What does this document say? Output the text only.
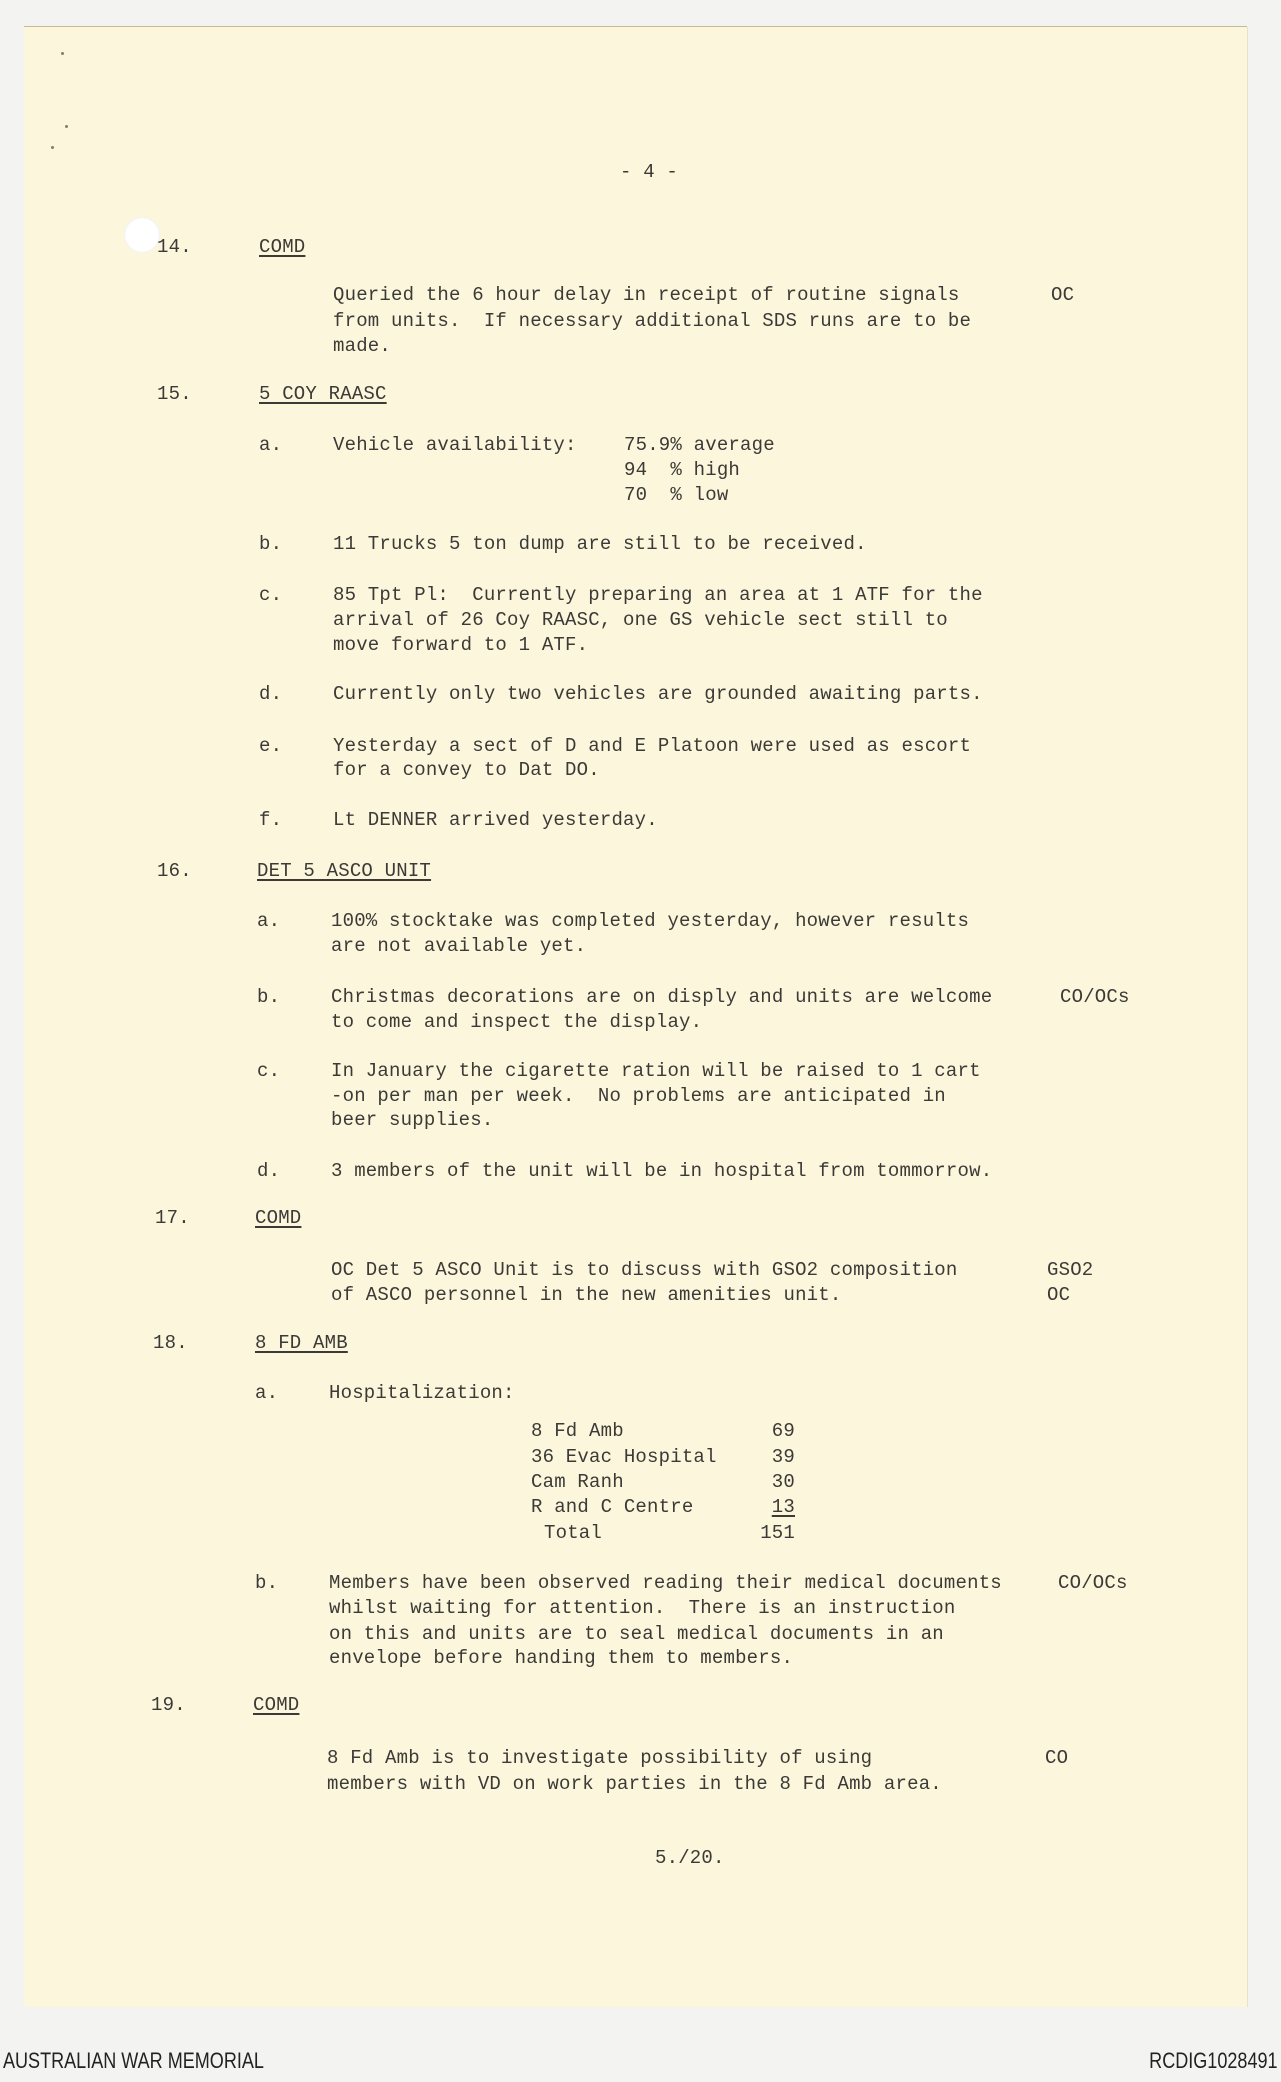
- 4 -
14.	COMD
Queried the 6 hour delay in receipt of routine signals
from units.  If necessary additional SDS runs are to be
made.
OC
15.	5 COY RAASC
a.	Vehicle availability: 75.9% average
94  % high
70  % low
b.	11 Trucks 5 ton dump are still to be received.
c.	85 Tpt Pl:  Currently preparing an area at 1 ATF for the
arrival of 26 Coy RAASC, one GS vehicle sect still to
move forward to 1 ATF.
d.	Currently only two vehicles are grounded awaiting parts.
e.	Yesterday a sect of D and E Platoon were used as escort
for a convey to Dat DO.
f.	Lt DENNER arrived yesterday.
16.	DET 5 ASCO UNIT
a.	100% stocktake was completed yesterday, however results
are not available yet.
b.	Christmas decorations are on disply and units are welcome
to come and inspect the display.
CO/OCs
c.	In January the cigarette ration will be raised to 1 cart
-on per man per week.  No problems are anticipated in
beer supplies.
d.	3 members of the unit will be in hospital from tommorrow.
17.	COMD
OC Det 5 ASCO Unit is to discuss with GSO2 composition
of ASCO personnel in the new amenities unit.
GSO2
OC
18.	8 FD AMB
a.	Hospitalization:
8 Fd Amb	69
36 Evac Hospital	39
Cam Ranh	30
R and C Centre	13
Total	151
b.	Members have been observed reading their medical documents
whilst waiting for attention.  There is an instruction
on this and units are to seal medical documents in an
envelope before handing them to members.
CO/OCs
19.	COMD
8 Fd Amb is to investigate possibility of using
members with VD on work parties in the 8 Fd Amb area.
CO
5./20.
AUSTRALIAN WAR MEMORIAL	RCDIG1028491
